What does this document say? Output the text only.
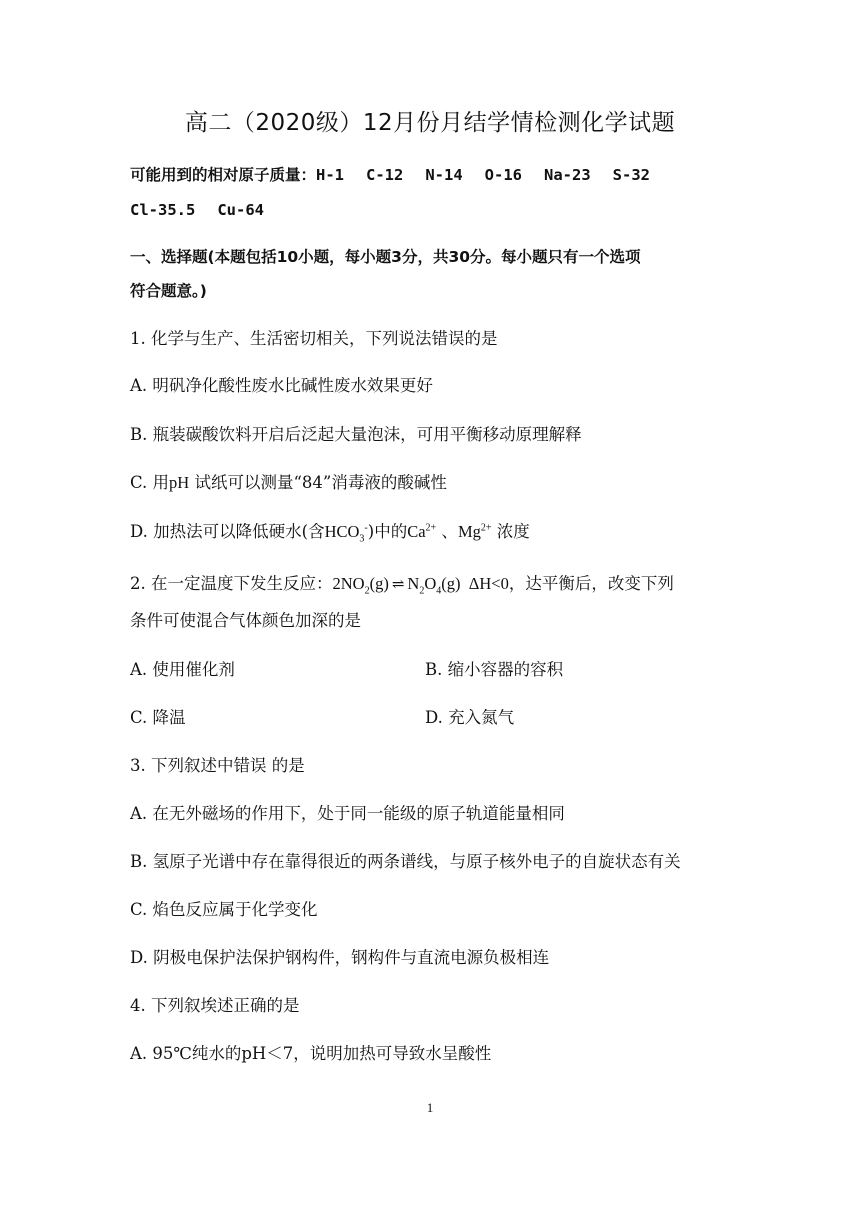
高二（2020级）12月份月结学情检测化学试题
可能用到的相对原子质量：H-1 C-12 N-14 O-16 Na-23 S-32
Cl-35.5 Cu-64
一、选择题(本题包括10小题，每小题3分，共30分。每小题只有一个选项
符合题意。)
1. 化学与生产、生活密切相关，下列说法错误的是
A. 明矾净化酸性废水比碱性废水效果更好
B. 瓶装碳酸饮料开启后泛起大量泡沫，可用平衡移动原理解释
C. 用pH 试纸可以测量“84”消毒液的酸碱性
D. 加热法可以降低硬水(含$HCO_3^-$)中的$Ca^{2+}$ 、$Mg^{2+}$ 浓度
2. 在一定温度下发生反应：$2NO_2(g)$ ⇌ $N_2O_4(g)$ ΔH<0，达平衡后，改变下列
条件可使混合气体颜色加深的是
A. 使用催化剂	B. 缩小容器的容积
C. 降温	D. 充入氮气
3. 下列叙述中错误 的是
A. 在无外磁场的作用下，处于同一能级的原子轨道能量相同
B. 氢原子光谱中存在靠得很近的两条谱线，与原子核外电子的自旋状态有关
C. 焰色反应属于化学变化
D. 阴极电保护法保护钢构件，钢构件与直流电源负极相连
4. 下列叙埃述正确的是
A. 95℃纯水的pH＜7，说明加热可导致水呈酸性
1
